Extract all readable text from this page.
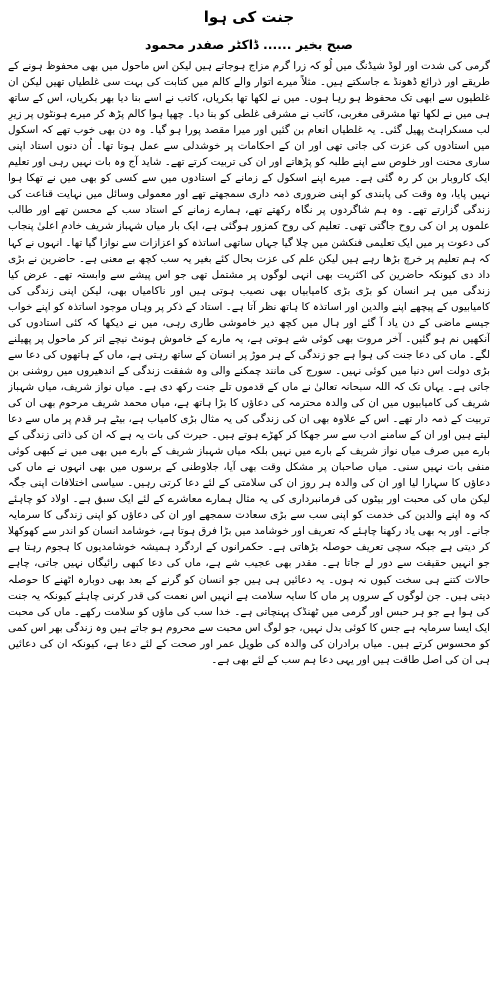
جنت کی ہوا
صبح بخیر ...... ڈاکٹر صفدر محمود

گرمی کی شدت اور لوڈ شیڈنگ میں لُو کہ زرا گرم مزاج ہوجاتے ہیں لیکن اس ماحول میں بھی محفوظ ہونے کے طریقے اور ذرائع ڈھونڈ ے جاسکتے ہیں۔ مثلاً میرے اتوار والے کالم میں کتابت کی بہت سی غلطیاں تھیں لیکن ان غلطیوں سے ابھی تک محفوظ ہو رہا ہوں۔ میں نے لکھا تھا بکریاں، کاتب نے اسے بنا دیا بھر بکریاں، اس کے ساتھ ہی میں نے لکھا تھا مشرقی مغربی، کاتب نے مشرقی غلطی کو بنا دیا۔ چھپا ہوا کالم پڑھ کر میرے ہونٹوں پر زیرِ لب مسکراہٹ پھیل گئی۔ یہ غلطیاں انعام بن گئیں اور میرا مقصد پورا ہو گیا۔ وہ دن بھی خوب تھے کہ اسکول میں استادوں کی عزت کی جاتی تھی اور ان کے احکامات پر خوشدلی سے عمل ہوتا تھا۔ اُن دنوں استاد اپنی ساری محنت اور خلوص سے اپنے طلبہ کو پڑھاتے اور ان کی تربیت کرتے تھے۔ شاید آج وہ بات نہیں رہی اور تعلیم ایک کاروبار بن کر رہ گئی ہے۔ میرے اپنے اسکول کے زمانے کے استادوں میں سے کسی کو بھی میں نے تھکا ہوا نہیں پایا، وہ وقت کی پابندی کو اپنی ضروری ذمہ داری سمجھتے تھے اور معمولی وسائل میں نہایت قناعت کی زندگی گزارتے تھے۔ وہ ہم شاگردوں پر نگاہ رکھتے تھے، ہمارے زمانے کے استاد سب کے محسن تھے اور طالب علموں پر ان کی روح جاگتی تھی۔ تعلیم کی روح کمزور ہوگئی ہے، ایک بار میاں شہباز شریف خادمِ اعلیٰ پنجاب کی دعوت پر میں ایک تعلیمی فنکشن میں چلا گیا جہاں ساتھی اساتذہ کو اعزازات سے نوازا گیا تھا۔ انہوں نے کہا کہ ہم تعلیم پر خرچ بڑھا رہے ہیں لیکن علم کی عزت بحال کئے بغیر یہ سب کچھ بے معنی ہے۔ حاضرین نے بڑی داد دی کیونکہ حاضرین کی اکثریت بھی انہی لوگوں پر مشتمل تھی جو اس پیشے سے وابستہ تھے۔ عرض کیا زندگی میں ہر انسان کو بڑی بڑی کامیابیاں بھی نصیب ہوتی ہیں اور ناکامیاں بھی، لیکن اپنی زندگی کی کامیابیوں کے پیچھے اپنے والدین اور اساتذہ کا ہاتھ نظر آتا ہے۔ استاد کے ذکر پر وہاں موجود اساتذہ کو اپنے خواب جیسے ماضی کے دن یاد آ گئے اور ہال میں کچھ دیر خاموشی طاری رہی، میں نے دیکھا کہ کئی استادوں کی آنکھیں نم ہو گئیں۔ آخر مروت بھی کوئی شے ہوتی ہے، یہ مارے کے خاموش ہونٹ نیچے اتر کر ماحول پر پھیلنے لگے۔ ماں کی دعا جنت کی ہوا ہے جو زندگی کے ہر موڑ پر انسان کے ساتھ رہتی ہے، ماں کے ہاتھوں کی دعا سے بڑی دولت اس دنیا میں کوئی نہیں۔ سورج کی مانند چمکنے والی وہ شفقت زندگی کے اندھیروں میں روشنی بن جاتی ہے۔ یہاں تک کہ اللہ سبحانہ تعالیٰ نے ماں کے قدموں تلے جنت رکھ دی ہے۔ میاں نواز شریف، میاں شہباز شریف کی کامیابیوں میں ان کی والدہ محترمہ کی دعاؤں کا بڑا ہاتھ ہے، میاں محمد شریف مرحوم بھی ان کی تربیت کے ذمہ دار تھے۔ اس کے علاوہ بھی ان کی زندگی کی یہ مثال بڑی کامیاب ہے، بیٹے ہر قدم پر ماں سے دعا لیتے ہیں اور ان کے سامنے ادب سے سر جھکا کر کھڑے ہوتے ہیں۔ حیرت کی بات یہ ہے کہ ان کی ذاتی زندگی کے بارے میں صرف میاں نواز شریف کے بارے میں نہیں بلکہ میاں شہباز شریف کے بارے میں بھی میں نے کبھی کوئی منفی بات نہیں سنی۔ میاں صاحبان پر مشکل وقت بھی آیا، جلاوطنی کے برسوں میں بھی انہوں نے ماں کی دعاؤں کا سہارا لیا اور ان کی والدہ ہر روز ان کی سلامتی کے لئے دعا کرتی رہیں۔ سیاسی اختلافات اپنی جگہ لیکن ماں کی محبت اور بیٹوں کی فرمانبرداری کی یہ مثال ہمارے معاشرے کے لئے ایک سبق ہے۔ اولاد کو چاہئے کہ وہ اپنے والدین کی خدمت کو اپنی سب سے بڑی سعادت سمجھے اور ان کی دعاؤں کو اپنی زندگی کا سرمایہ جانے۔ اور یہ بھی یاد رکھنا چاہئے کہ تعریف اور خوشامد میں بڑا فرق ہوتا ہے، خوشامد انسان کو اندر سے کھوکھلا کر دیتی ہے جبکہ سچی تعریف حوصلہ بڑھاتی ہے۔ حکمرانوں کے اردگرد ہمیشہ خوشامدیوں کا ہجوم رہتا ہے جو انہیں حقیقت سے دور لے جاتا ہے۔ مقدر بھی عجیب شے ہے، ماں کی دعا کبھی رائیگاں نہیں جاتی، چاہے حالات کتنے ہی سخت کیوں نہ ہوں۔ یہ دعائیں ہی ہیں جو انسان کو گرنے کے بعد بھی دوبارہ اٹھنے کا حوصلہ دیتی ہیں۔ جن لوگوں کے سروں پر ماں کا سایہ سلامت ہے انہیں اس نعمت کی قدر کرنی چاہئے کیونکہ یہ جنت کی ہوا ہے جو ہر حبس اور گرمی میں ٹھنڈک پہنچاتی ہے۔ خدا سب کی ماؤں کو سلامت رکھے۔ ماں کی محبت ایک ایسا سرمایہ ہے جس کا کوئی بدل نہیں، جو لوگ اس محبت سے محروم ہو جاتے ہیں وہ زندگی بھر اس کمی کو محسوس کرتے ہیں۔ میاں برادران کی والدہ کی طویل عمر اور صحت کے لئے دعا ہے، کیونکہ ان کی دعائیں ہی ان کی اصل طاقت ہیں اور یہی دعا ہم سب کے لئے بھی ہے۔
